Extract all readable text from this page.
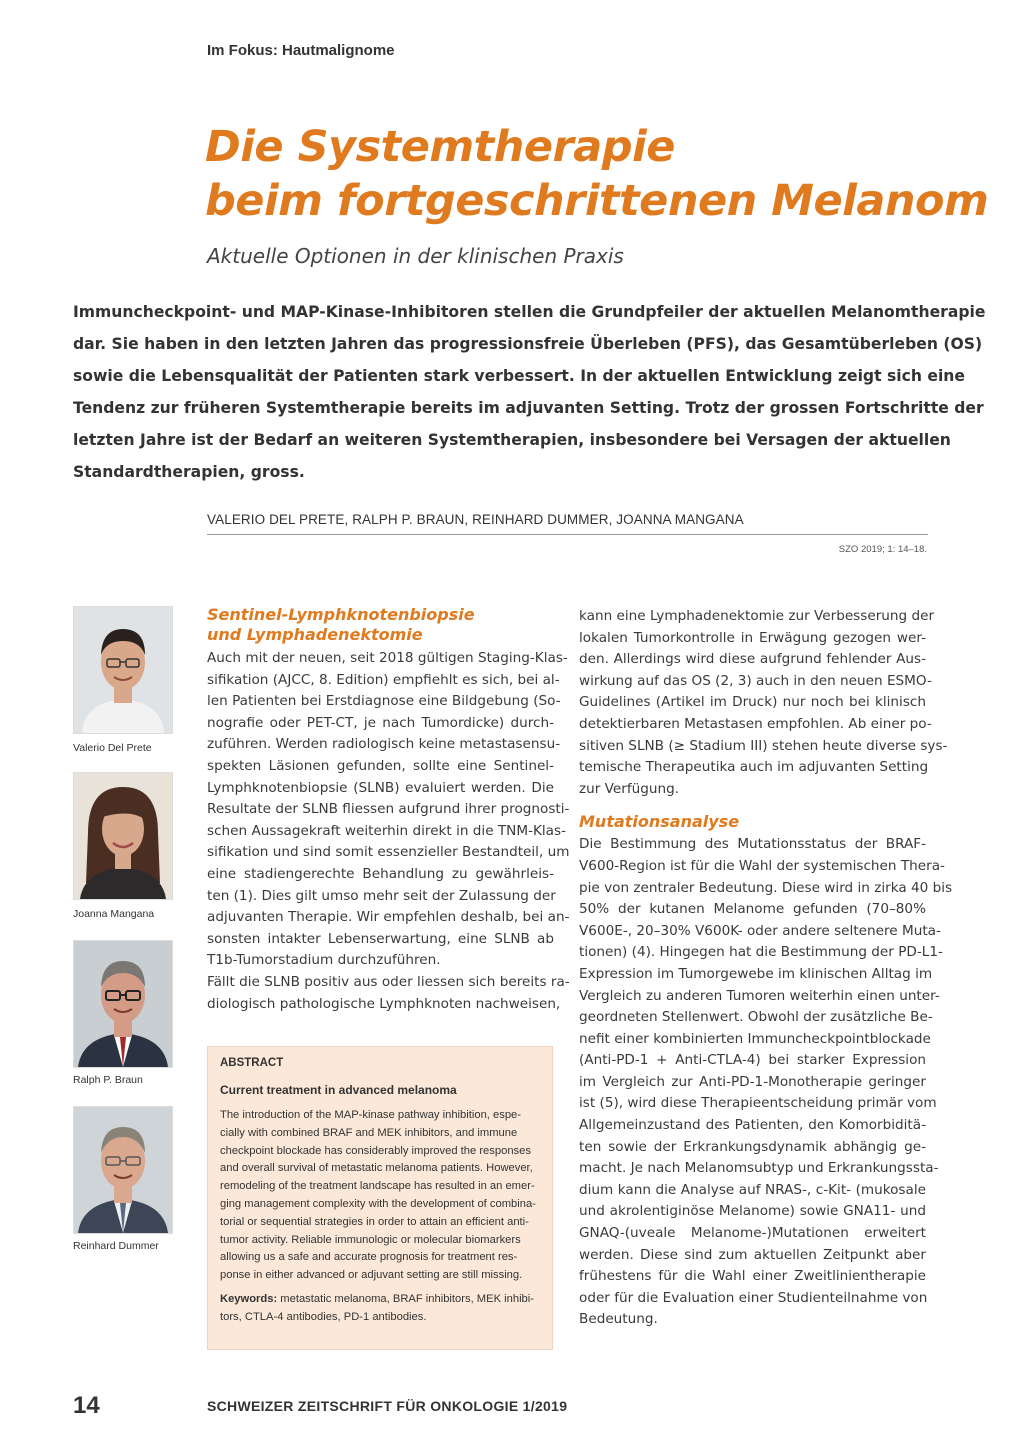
Im Fokus: Hautmalignome
Die Systemtherapie
beim fortgeschrittenen Melanom
Aktuelle Optionen in der klinischen Praxis
Immuncheckpoint- und MAP-Kinase-Inhibitoren stellen die Grundpfeiler der aktuellen Melanomtherapie
dar. Sie haben in den letzten Jahren das progressionsfreie Überleben (PFS), das Gesamtüberleben (OS)
sowie die Lebensqualität der Patienten stark verbessert. In der aktuellen Entwicklung zeigt sich eine
Tendenz zur früheren Systemtherapie bereits im adjuvanten Setting. Trotz der grossen Fortschritte der
letzten Jahre ist der Bedarf an weiteren Systemtherapien, insbesondere bei Versagen der aktuellen
Standardtherapien, gross.
VALERIO DEL PRETE, RALPH P. BRAUN, REINHARD DUMMER, JOANNA MANGANA
SZO 2019; 1: 14–18.
Valerio Del Prete
Joanna Mangana
Ralph P. Braun
Reinhard Dummer
Sentinel-Lymphknotenbiopsie
und Lymphadenektomie
Auch mit der neuen, seit 2018 gültigen Staging-Klas-
sifikation (AJCC, 8. Edition) empfiehlt es sich, bei al-
len Patienten bei Erstdiagnose eine Bildgebung (So-
nografie oder PET-CT, je nach Tumordicke) durch-
zuführen. Werden radiologisch keine metastasensu-
spekten Läsionen gefunden, sollte eine Sentinel-
Lymphknotenbiopsie (SLNB) evaluiert werden. Die
Resultate der SLNB fliessen aufgrund ihrer prognosti-
schen Aussagekraft weiterhin direkt in die TNM-Klas-
sifikation und sind somit essenzieller Bestandteil, um
eine stadiengerechte Behandlung zu gewährleis-
ten (1). Dies gilt umso mehr seit der Zulassung der
adjuvanten Therapie. Wir empfehlen deshalb, bei an-
sonsten intakter Lebenserwartung, eine SLNB ab
T1b-Tumorstadium durchzuführen.
Fällt die SLNB positiv aus oder liessen sich bereits ra-
diologisch pathologische Lymphknoten nachweisen,
ABSTRACT
Current treatment in advanced melanoma
The introduction of the MAP-kinase pathway inhibition, espe-
cially with combined BRAF and MEK inhibitors, and immune
checkpoint blockade has considerably improved the responses
and overall survival of metastatic melanoma patients. However,
remodeling of the treatment landscape has resulted in an emer-
ging management complexity with the development of combina-
torial or sequential strategies in order to attain an efficient anti-
tumor activity. Reliable immunologic or molecular biomarkers
allowing us a safe and accurate prognosis for treatment res-
ponse in either advanced or adjuvant setting are still missing.
Keywords: metastatic melanoma, BRAF inhibitors, MEK inhibi-
tors, CTLA-4 antibodies, PD-1 antibodies.
kann eine Lymphadenektomie zur Verbesserung der
lokalen Tumorkontrolle in Erwägung gezogen wer-
den. Allerdings wird diese aufgrund fehlender Aus-
wirkung auf das OS (2, 3) auch in den neuen ESMO-
Guidelines (Artikel im Druck) nur noch bei klinisch
detektierbaren Metastasen empfohlen. Ab einer po-
sitiven SLNB (≥ Stadium III) stehen heute diverse sys-
temische Therapeutika auch im adjuvanten Setting
zur Verfügung.
Mutationsanalyse
Die Bestimmung des Mutationsstatus der BRAF-
V600-Region ist für die Wahl der systemischen Thera-
pie von zentraler Bedeutung. Diese wird in zirka 40 bis
50% der kutanen Melanome gefunden (70–80%
V600E-, 20–30% V600K- oder andere seltenere Muta-
tionen) (4). Hingegen hat die Bestimmung der PD-L1-
Expression im Tumorgewebe im klinischen Alltag im
Vergleich zu anderen Tumoren weiterhin einen unter-
geordneten Stellenwert. Obwohl der zusätzliche Be-
nefit einer kombinierten Immuncheckpointblockade
(Anti-PD-1 + Anti-CTLA-4) bei starker Expression
im Vergleich zur Anti-PD-1-Monotherapie geringer
ist (5), wird diese Therapieentscheidung primär vom
Allgemeinzustand des Patienten, den Komorbiditä-
ten sowie der Erkrankungsdynamik abhängig ge-
macht. Je nach Melanomsubtyp und Erkrankungssta-
dium kann die Analyse auf NRAS-, c-Kit- (mukosale
und akrolentiginöse Melanome) sowie GNA11- und
GNAQ-(uveale Melanome-)Mutationen erweitert
werden. Diese sind zum aktuellen Zeitpunkt aber
frühestens für die Wahl einer Zweitlinientherapie
oder für die Evaluation einer Studienteilnahme von
Bedeutung.
14	SCHWEIZER ZEITSCHRIFT FÜR ONKOLOGIE 1/2019
